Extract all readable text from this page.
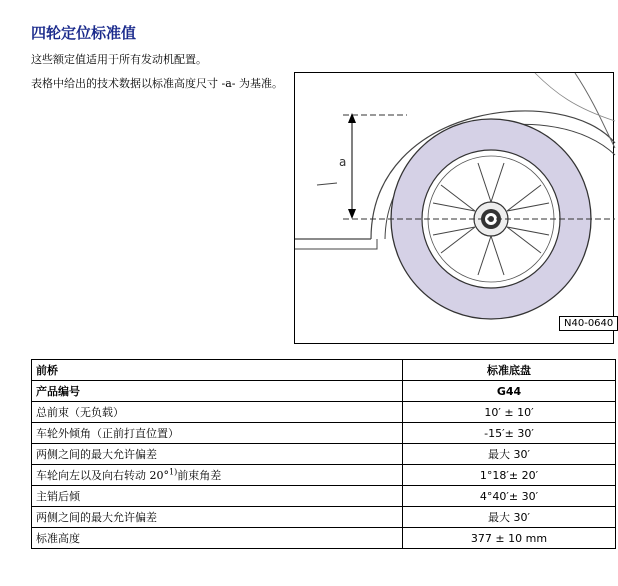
四轮定位标准值
这些额定值适用于所有发动机配置。
表格中给出的技术数据以标准高度尺寸 -a- 为基准。
a
N40-0640
前桥	标准底盘
产品编号	G44
总前束（无负载）	10′ ± 10′
车轮外倾角（正前打直位置）	-15′± 30′
两侧之间的最大允许偏差	最大 30′
车轮向左以及向右转动 20°$^{1)}$前束角差	1°18′± 20′
主销后倾	4°40′± 30′
两侧之间的最大允许偏差	最大 30′
标准高度	377 ± 10 mm
